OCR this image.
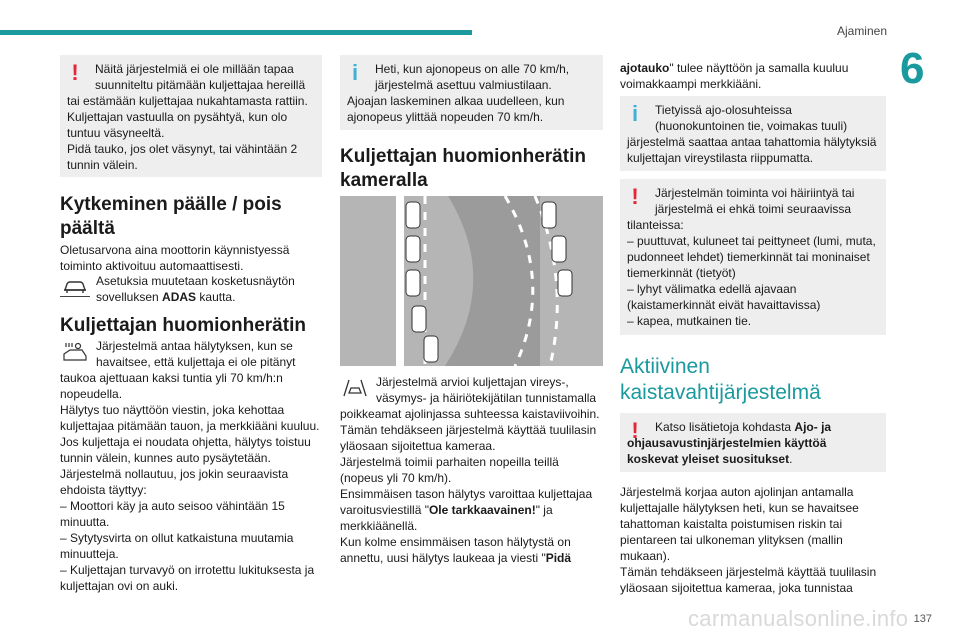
Ajaminen
6
!	Näitä järjestelmiä ei ole millään tapaa suunniteltu pitämään kuljettajaa hereillä

tai estämään kuljettajaa nukahtamasta rattiin.
Kuljettajan vastuulla on pysähtyä, kun olo tuntuu väsyneeltä.
Pidä tauko, jos olet väsynyt, tai vähintään 2 tunnin välein.

Kytkeminen päälle / pois päältä
Oletusarvona aina moottorin käynnistyessä toiminto aktivoituu automaattisesti.
Asetuksia muutetaan kosketusnäytön sovelluksen ADAS kautta.
Kuljettajan huomionherätin
Järjestelmä antaa hälytyksen, kun se havaitsee, että kuljettaja ei ole pitänyt
taukoa ajettuaan kaksi tuntia yli 70 km/h:n nopeudella.
Hälytys tuo näyttöön viestin, joka kehottaa kuljettajaa pitämään tauon, ja merkkiääni kuuluu.
Jos kuljettaja ei noudata ohjetta, hälytys toistuu tunnin välein, kunnes auto pysäytetään.
Järjestelmä nollautuu, jos jokin seuraavista ehdoista täyttyy:
– Moottori käy ja auto seisoo vähintään 15 minuutta.
– Sytytysvirta on ollut katkaistuna muutamia minuutteja.
– Kuljettajan turvavyö on irrotettu lukituksesta ja kuljettajan ovi on auki.
i	Heti, kun ajonopeus on alle 70 km/h, järjestelmä asettuu valmiustilaan.

Ajoajan laskeminen alkaa uudelleen, kun ajonopeus ylittää nopeuden 70 km/h.

Kuljettajan huomionherätin kameralla
Järjestelmä arvioi kuljettajan vireys-, väsymys- ja häiriötekijätilan tunnistamalla
poikkeamat ajolinjassa suhteessa kaistaviivoihin.
Tämän tehdäkseen järjestelmä käyttää tuulilasin yläosaan sijoitettua kameraa.
Järjestelmä toimii parhaiten nopeilla teillä (nopeus yli 70 km/h).
Ensimmäisen tason hälytys varoittaa kuljettajaa varoitusviestillä "Ole tarkkaavainen!" ja merkkiäänellä.
Kun kolme ensimmäisen tason hälytystä on annettu, uusi hälytys laukeaa ja viesti "Pidä
ajotauko" tulee näyttöön ja samalla kuuluu voimakkaampi merkkiääni.
i	Tietyissä ajo-olosuhteissa (huonokuntoinen tie, voimakas tuuli)

järjestelmä saattaa antaa tahattomia hälytyksiä kuljettajan vireystilasta riippumatta.

!	Järjestelmän toiminta voi häiriintyä tai järjestelmä ei ehkä toimi seuraavissa

tilanteissa:
– puuttuvat, kuluneet tai peittyneet (lumi, muta, pudonneet lehdet) tiemerkinnät tai moninaiset tiemerkinnät (tietyöt)
– lyhyt välimatka edellä ajavaan (kaistamerkinnät eivät havaittavissa)
– kapea, mutkainen tie.

Aktiivinen kaistavahtijärjestelmä
!	Katso lisätietoja kohdasta Ajo- ja ohjausavustinjärjestelmien käyttöä koskevat yleiset suositukset.
Järjestelmä korjaa auton ajolinjan antamalla kuljettajalle hälytyksen heti, kun se havaitsee tahattoman kaistalta poistumisen riskin tai pientareen tai ulkoneman ylityksen (mallin mukaan).
Tämän tehdäkseen järjestelmä käyttää tuulilasin yläosaan sijoitettua kameraa, joka tunnistaa
carmanualsonline.info 137
